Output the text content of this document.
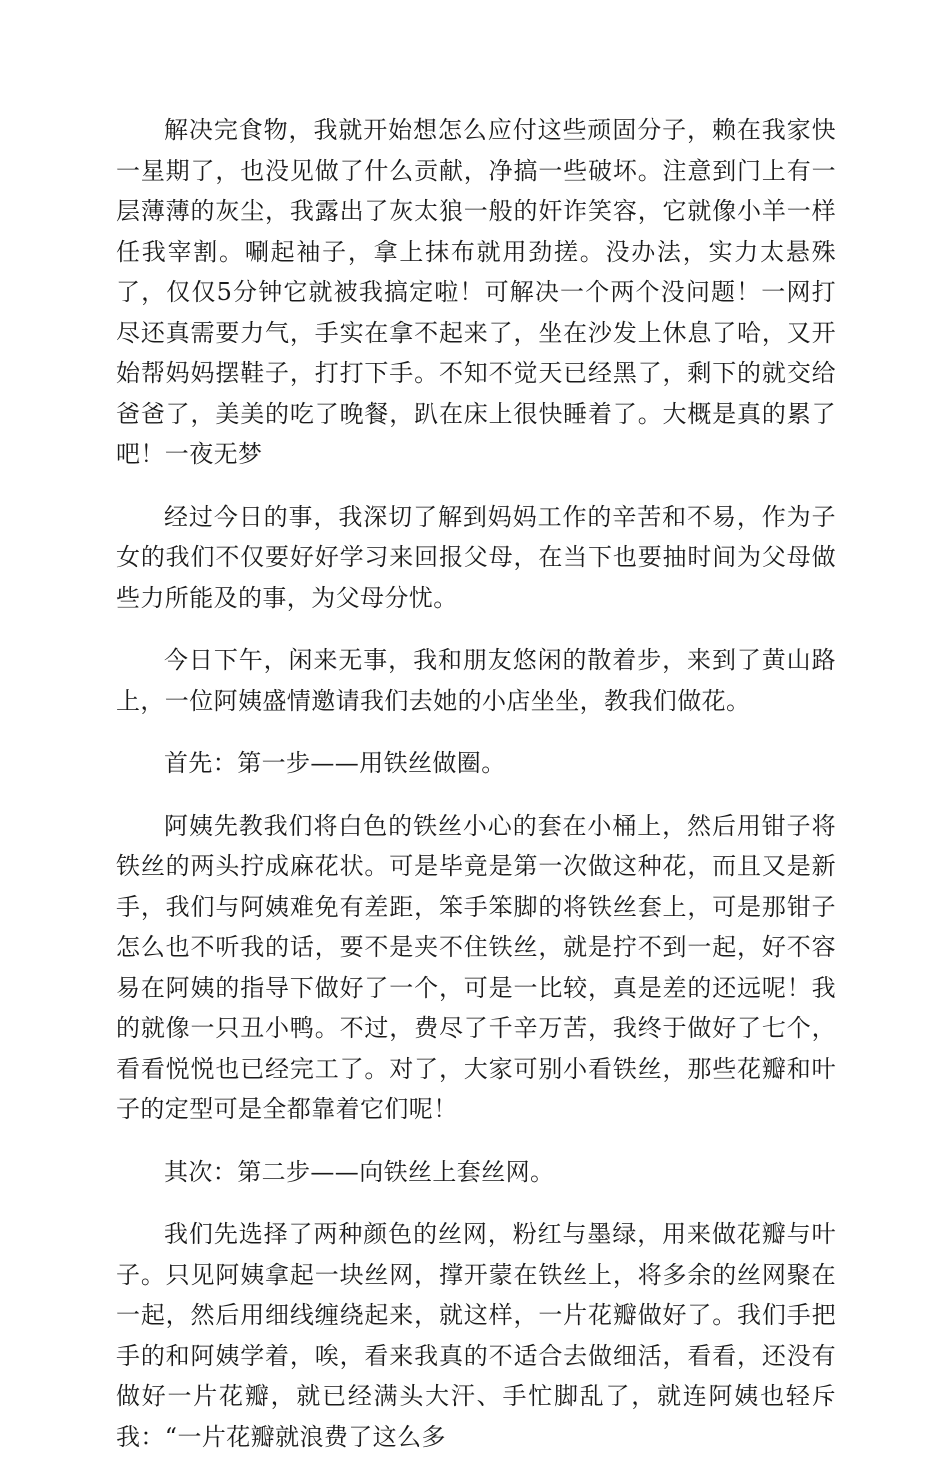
解决完食物，我就开始想怎么应付这些顽固分子，赖在我家快一星期了，也没见做了什么贡献，净搞一些破坏。注意到门上有一层薄薄的灰尘，我露出了灰太狼一般的奸诈笑容，它就像小羊一样任我宰割。唰起袖子，拿上抹布就用劲搓。没办法，实力太悬殊了，仅仅5分钟它就被我搞定啦！可解决一个两个没问题！一网打尽还真需要力气，手实在拿不起来了，坐在沙发上休息了哈，又开始帮妈妈摆鞋子，打打下手。不知不觉天已经黑了，剩下的就交给爸爸了，美美的吃了晚餐，趴在床上很快睡着了。大概是真的累了吧！一夜无梦

经过今日的事，我深切了解到妈妈工作的辛苦和不易，作为子女的我们不仅要好好学习来回报父母，在当下也要抽时间为父母做些力所能及的事，为父母分忧。

今日下午，闲来无事，我和朋友悠闲的散着步，来到了黄山路上，一位阿姨盛情邀请我们去她的小店坐坐，教我们做花。

首先：第一步——用铁丝做圈。

阿姨先教我们将白色的铁丝小心的套在小桶上，然后用钳子将铁丝的两头拧成麻花状。可是毕竟是第一次做这种花，而且又是新手，我们与阿姨难免有差距，笨手笨脚的将铁丝套上，可是那钳子怎么也不听我的话，要不是夹不住铁丝，就是拧不到一起，好不容易在阿姨的指导下做好了一个，可是一比较，真是差的还远呢！我的就像一只丑小鸭。不过，费尽了千辛万苦，我终于做好了七个，看看悦悦也已经完工了。对了，大家可别小看铁丝，那些花瓣和叶子的定型可是全都靠着它们呢！

其次：第二步——向铁丝上套丝网。

我们先选择了两种颜色的丝网，粉红与墨绿，用来做花瓣与叶子。只见阿姨拿起一块丝网，撑开蒙在铁丝上，将多余的丝网聚在一起，然后用细线缠绕起来，就这样，一片花瓣做好了。我们手把手的和阿姨学着，唉，看来我真的不适合去做细活，看看，还没有做好一片花瓣，就已经满头大汗、手忙脚乱了，就连阿姨也轻斥我：“一片花瓣就浪费了这么多
